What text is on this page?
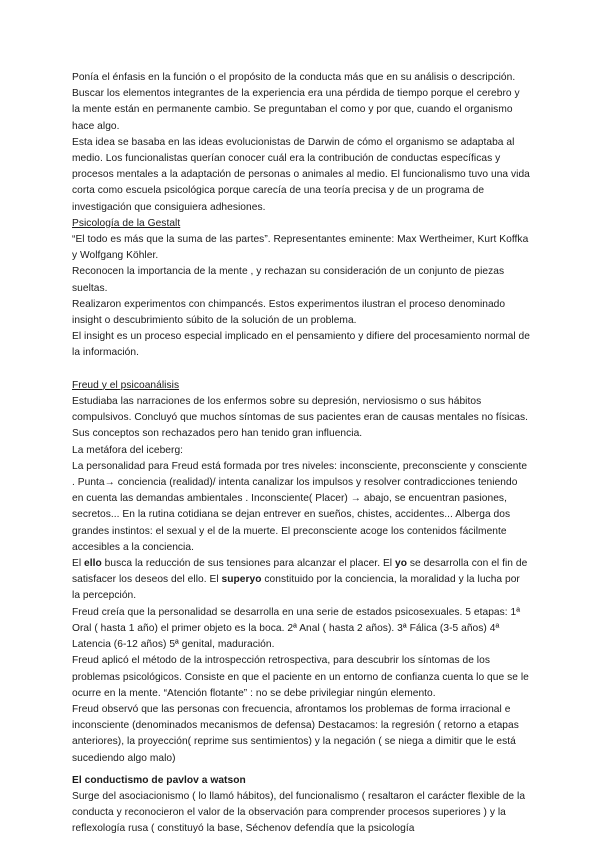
Ponía el énfasis en la función o el propósito de la conducta más que en su análisis o descripción. Buscar los elementos integrantes de la experiencia era una pérdida de tiempo porque el cerebro y la mente están en permanente cambio. Se preguntaban el como y por que, cuando el organismo hace algo.

Esta idea se basaba en las ideas evolucionistas de Darwin de cómo el organismo se adaptaba al medio. Los funcionalistas querían conocer cuál era la contribución de conductas específicas y procesos mentales a la adaptación de personas o animales al medio. El funcionalismo tuvo una vida corta como escuela psicológica porque carecía de una teoría precisa y de un programa de investigación que consiguiera adhesiones.

Psicología de la Gestalt

“El todo es más que la suma de las partes”. Representantes eminente: Max Wertheimer, Kurt Koffka y Wolfgang Köhler.

Reconocen la importancia de la mente , y rechazan su consideración de un conjunto de piezas sueltas.

Realizaron experimentos con chimpancés. Estos experimentos ilustran el proceso denominado insight o descubrimiento súbito de la solución de un problema.

El insight es un proceso especial implicado en el pensamiento y difiere del procesamiento normal de la información.

Freud y el psicoanálisis

Estudiaba las narraciones de los enfermos sobre su depresión, nerviosismo o sus hábitos compulsivos. Concluyó que muchos síntomas de sus pacientes eran de causas mentales no físicas. Sus conceptos son rechazados pero han tenido gran influencia.

La metáfora del iceberg:

La personalidad para Freud está formada por tres niveles: inconsciente, preconsciente y consciente . Punta→ conciencia (realidad)/ intenta canalizar los impulsos y resolver contradicciones teniendo en cuenta las demandas ambientales . Inconsciente( Placer) → abajo, se encuentran pasiones, secretos... En la rutina cotidiana se dejan entrever en sueños, chistes, accidentes... Alberga dos grandes instintos: el sexual y el de la muerte. El preconsciente acoge los contenidos fácilmente accesibles a la conciencia.

El ello busca la reducción de sus tensiones para alcanzar el placer. El yo se desarrolla con el fin de satisfacer los deseos del ello. El superyo constituido por la conciencia, la moralidad y la lucha por la percepción.

Freud creía que la personalidad se desarrolla en una serie de estados psicosexuales. 5 etapas: 1ª Oral ( hasta 1 año) el primer objeto es la boca. 2ª Anal ( hasta 2 años). 3ª Fálica (3-5 años) 4ª Latencia (6-12 años) 5ª genital, maduración.

Freud aplicó el método de la introspección retrospectiva, para descubrir los síntomas de los problemas psicológicos. Consiste en que el paciente en un entorno de confianza cuenta lo que se le ocurre en la mente. “Atención flotante” : no se debe privilegiar ningún elemento.

Freud observó que las personas con frecuencia, afrontamos los problemas de forma irracional e inconsciente (denominados mecanismos de defensa) Destacamos: la regresión ( retorno a etapas anteriores), la proyección( reprime sus sentimientos) y la negación ( se niega a dimitir que le está sucediendo algo malo)

El conductismo de pavlov a watson

Surge del asociacionismo ( lo llamó hábitos), del funcionalismo ( resaltaron el carácter flexible de la conducta y reconocieron el valor de la observación para comprender procesos superiores ) y la reflexología rusa ( constituyó la base, Séchenov defendía que la psicología
